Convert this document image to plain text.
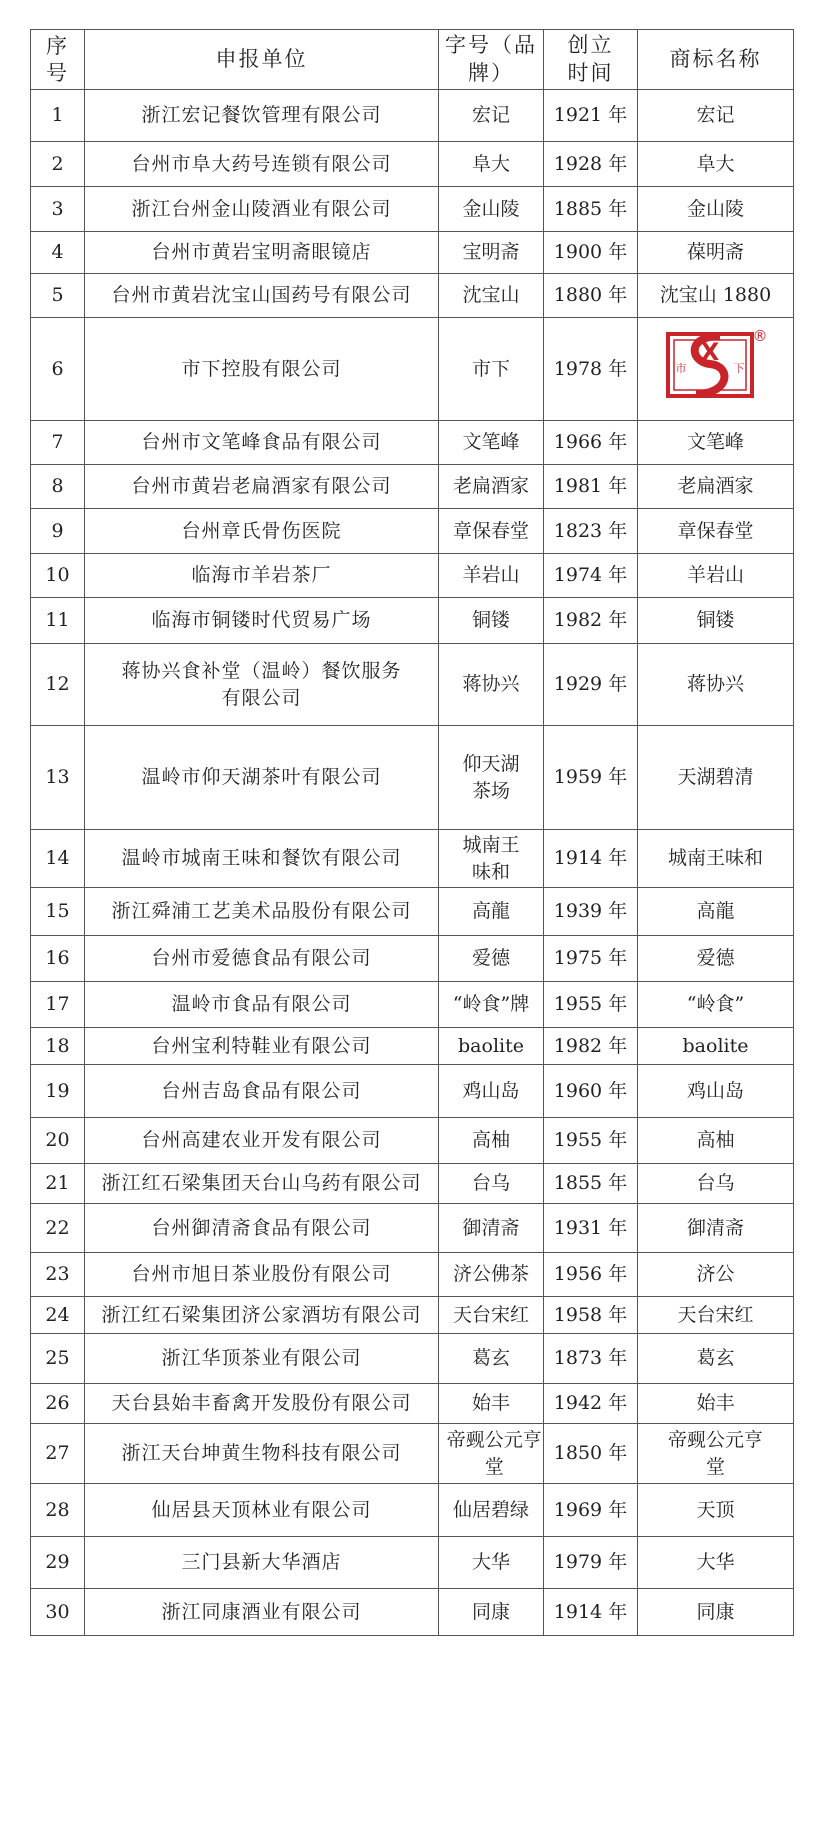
序号	申报单位	字号（品牌）	创立时间	商标名称
1	浙江宏记餐饮管理有限公司	宏记	1921 年	宏记
2	台州市阜大药号连锁有限公司	阜大	1928 年	阜大
3	浙江台州金山陵酒业有限公司	金山陵	1885 年	金山陵
4	台州市黄岩宝明斋眼镜店	宝明斋	1900 年	葆明斋
5	台州市黄岩沈宝山国药号有限公司	沈宝山	1880 年	沈宝山 1880
6	市下控股有限公司	市下	1978 年	X
市 下
®

7	台州市文笔峰食品有限公司	文笔峰	1966 年	文笔峰
8	台州市黄岩老扁酒家有限公司	老扁酒家	1981 年	老扁酒家
9	台州章氏骨伤医院	章保春堂	1823 年	章保春堂
10	临海市羊岩茶厂	羊岩山	1974 年	羊岩山
11	临海市铜镂时代贸易广场	铜镂	1982 年	铜镂
12	蒋协兴食补堂（温岭）餐饮服务有限公司	蒋协兴	1929 年	蒋协兴
13	温岭市仰天湖茶叶有限公司	仰天湖茶场	1959 年	天湖碧清
14	温岭市城南王味和餐饮有限公司	城南王味和	1914 年	城南王味和
15	浙江舜浦工艺美术品股份有限公司	高龍	1939 年	高龍
16	台州市爱德食品有限公司	爱德	1975 年	爱德
17	温岭市食品有限公司	“岭食”牌	1955 年	“岭食”
18	台州宝利特鞋业有限公司	baolite	1982 年	baolite
19	台州吉岛食品有限公司	鸡山岛	1960 年	鸡山岛
20	台州高建农业开发有限公司	高柚	1955 年	高柚
21	浙江红石梁集团天台山乌药有限公司	台乌	1855 年	台乌
22	台州御清斋食品有限公司	御清斋	1931 年	御清斋
23	台州市旭日茶业股份有限公司	济公佛茶	1956 年	济公
24	浙江红石梁集团济公家酒坊有限公司	天台宋红	1958 年	天台宋红
25	浙江华顶茶业有限公司	葛玄	1873 年	葛玄
26	天台县始丰畜禽开发股份有限公司	始丰	1942 年	始丰
27	浙江天台坤黄生物科技有限公司	帝觋公元亨堂	1850 年	帝觋公元亨堂

28	仙居县天顶林业有限公司	仙居碧绿	1969 年	天顶
29	三门县新大华酒店	大华	1979 年	大华
30	浙江同康酒业有限公司	同康	1914 年	同康
